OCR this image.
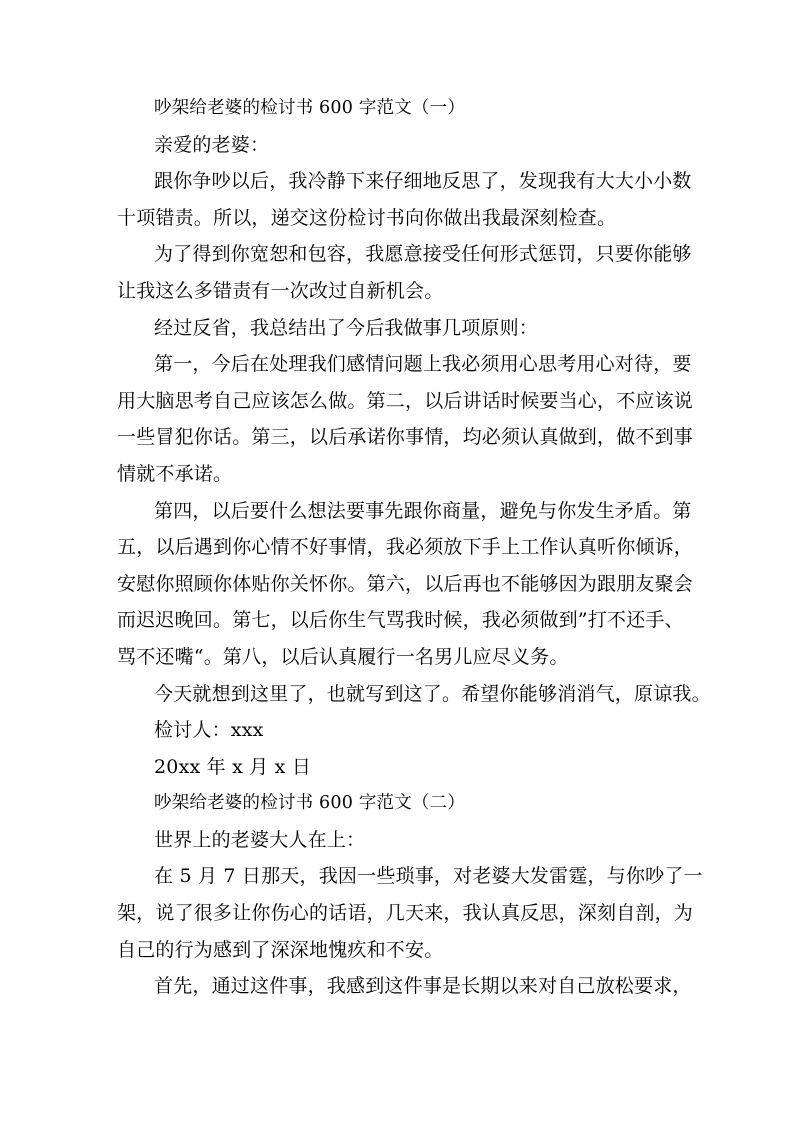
吵架给老婆的检讨书 600 字范文（一）
亲爱的老婆：
跟你争吵以后，我冷静下来仔细地反思了，发现我有大大小小数
十项错责。所以，递交这份检讨书向你做出我最深刻检查。
为了得到你宽恕和包容，我愿意接受任何形式惩罚，只要你能够
让我这么多错责有一次改过自新机会。
经过反省，我总结出了今后我做事几项原则：
第一，今后在处理我们感情问题上我必须用心思考用心对待，要
用大脑思考自己应该怎么做。第二，以后讲话时候要当心，不应该说
一些冒犯你话。第三，以后承诺你事情，均必须认真做到，做不到事
情就不承诺。
第四，以后要什么想法要事先跟你商量，避免与你发生矛盾。第
五，以后遇到你心情不好事情，我必须放下手上工作认真听你倾诉，
安慰你照顾你体贴你关怀你。第六，以后再也不能够因为跟朋友聚会
而迟迟晚回。第七，以后你生气骂我时候，我必须做到”打不还手、
骂不还嘴“。第八，以后认真履行一名男儿应尽义务。
今天就想到这里了，也就写到这了。希望你能够消消气，原谅我。
检讨人：xxx
20xx 年 x 月 x 日
吵架给老婆的检讨书 600 字范文（二）
世界上的老婆大人在上：
在 5 月 7 日那天，我因一些琐事，对老婆大发雷霆，与你吵了一
架，说了很多让你伤心的话语，几天来，我认真反思，深刻自剖，为
自己的行为感到了深深地愧疚和不安。
首先，通过这件事，我感到这件事是长期以来对自己放松要求，
